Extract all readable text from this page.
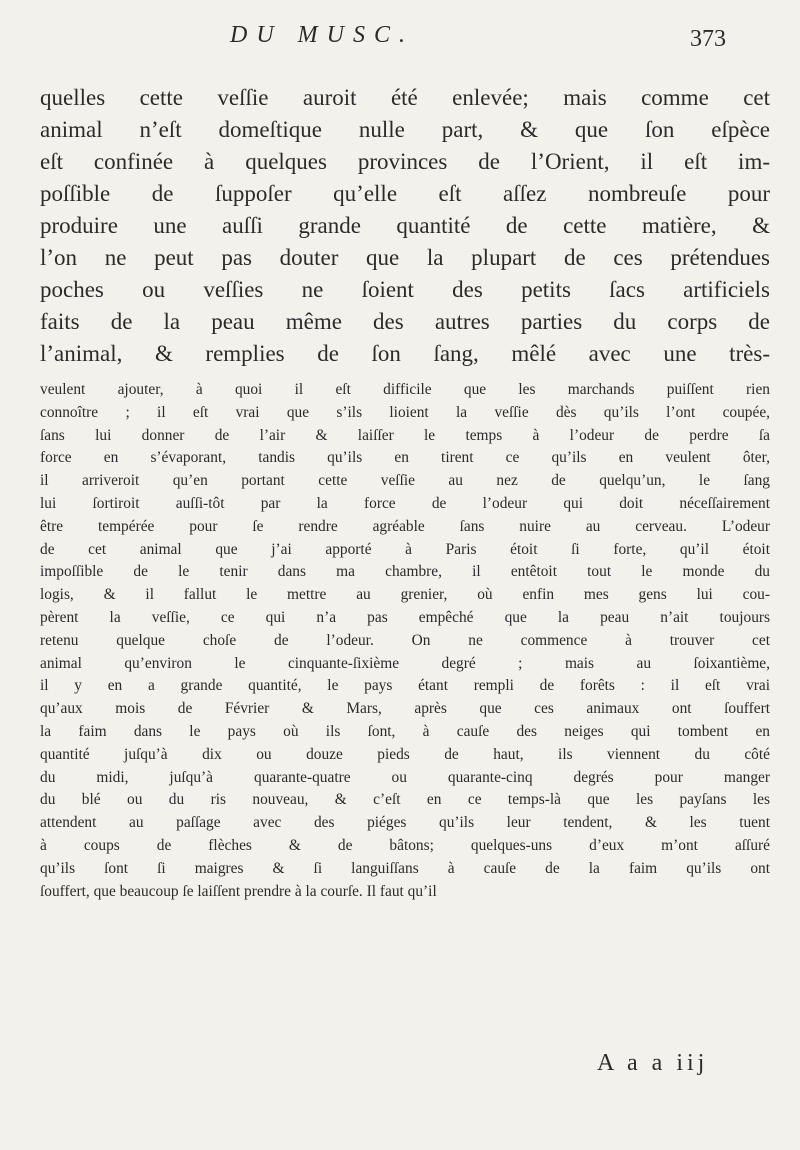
DU MUSC.	373
quelles cette veſſie auroit été enlevée; mais comme cet
animal n’eſt domeſtique nulle part, & que ſon eſpèce
eſt confinée à quelques provinces de l’Orient, il eſt im-
poſſible de ſuppoſer qu’elle eſt aſſez nombreuſe pour
produire une auſſi grande quantité de cette matière, &
l’on ne peut pas douter que la plupart de ces prétendues
poches ou veſſies ne ſoient des petits ſacs artificiels
faits de la peau même des autres parties du corps de
l’animal, & remplies de ſon ſang, mêlé avec une très-
veulent ajouter, à quoi il eſt difficile que les marchands puiſſent rien
connoître ; il eſt vrai que s’ils lioient la veſſie dès qu’ils l’ont coupée,
ſans lui donner de l’air & laiſſer le temps à l’odeur de perdre ſa
force en s’évaporant, tandis qu’ils en tirent ce qu’ils en veulent ôter,
il arriveroit qu’en portant cette veſſie au nez de quelqu’un, le ſang
lui ſortiroit auſſi-tôt par la force de l’odeur qui doit néceſſairement
être tempérée pour ſe rendre agréable ſans nuire au cerveau. L’odeur
de cet animal que j’ai apporté à Paris étoit ſi forte, qu’il étoit
impoſſible de le tenir dans ma chambre, il entêtoit tout le monde du
logis, & il fallut le mettre au grenier, où enfin mes gens lui cou-
pèrent la veſſie, ce qui n’a pas empêché que la peau n’ait toujours
retenu quelque choſe de l’odeur. On ne commence à trouver cet
animal qu’environ le cinquante-ſixième degré ; mais au ſoixantième,
il y en a grande quantité, le pays étant rempli de forêts : il eſt vrai
qu’aux mois de Février & Mars, après que ces animaux ont ſouffert
la faim dans le pays où ils ſont, à cauſe des neiges qui tombent en
quantité juſqu’à dix ou douze pieds de haut, ils viennent du côté
du midi, juſqu’à quarante-quatre ou quarante-cinq degrés pour manger
du blé ou du ris nouveau, & c’eſt en ce temps-là que les payſans les
attendent au paſſage avec des piéges qu’ils leur tendent, & les tuent
à coups de flèches & de bâtons; quelques-uns d’eux m’ont aſſuré
qu’ils ſont ſi maigres & ſi languiſſans à cauſe de la faim qu’ils ont
ſouffert, que beaucoup ſe laiſſent prendre à la courſe. Il faut qu’il
A a a iij
